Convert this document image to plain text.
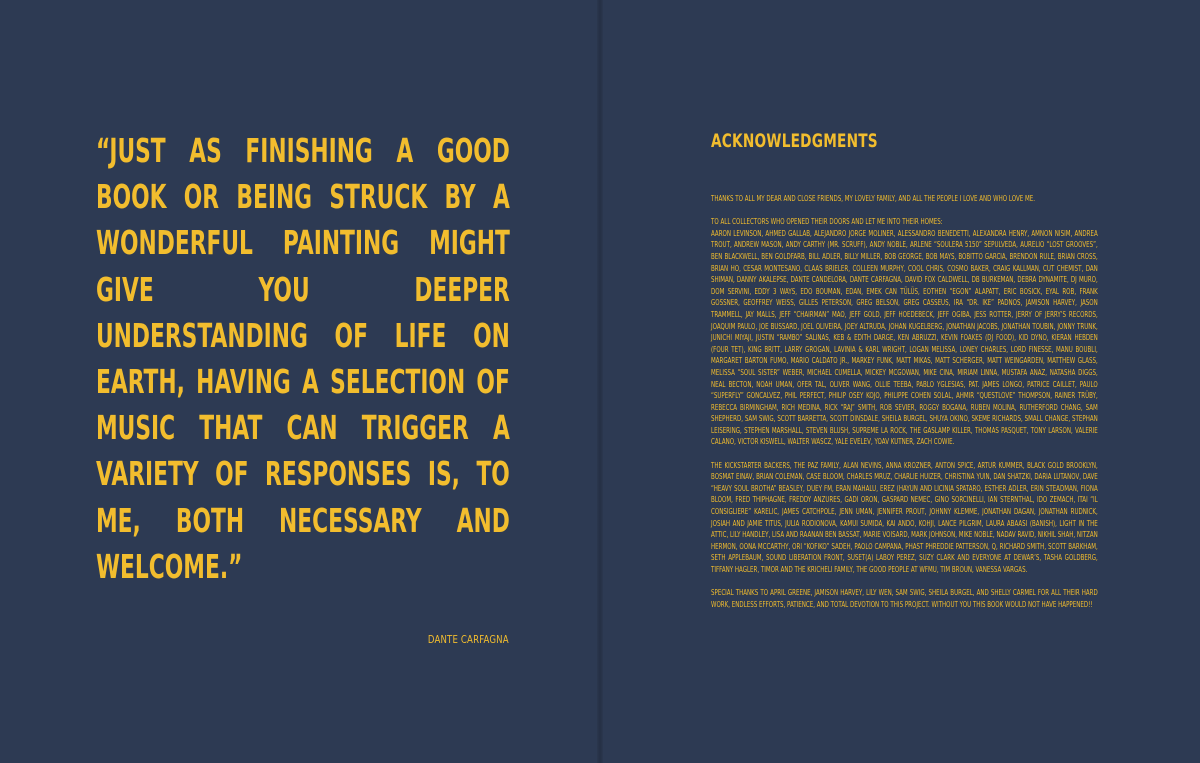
“JUST AS FINISHING A GOOD BOOK OR BEING STRUCK BY A WONDERFUL PAINTING MIGHT GIVE YOU DEEPER UNDERSTANDING OF LIFE ON EARTH, HAVING A SELECTION OF MUSIC THAT CAN TRIGGER A VARIETY OF RESPONSES IS, TO ME, BOTH NECESSARY AND WELCOME.”

DANTE CARFAGNA

ACKNOWLEDGMENTS

THANKS TO ALL MY DEAR AND CLOSE FRIENDS, MY LOVELY FAMILY, AND ALL THE PEOPLE I LOVE AND WHO LOVE ME.

TO ALL COLLECTORS WHO OPENED THEIR DOORS AND LET ME INTO THEIR HOMES:

AARON LEVINSON, AHMED GALLAB, ALEJANDRO JORGE MOLINER, ALESSANDRO BENEDETTI, ALEXANDRA HENRY, AMNON NISIM, ANDREA TROUT, ANDREW MASON, ANDY CARTHY (MR. SCRUFF), ANDY NOBLE, ARLENE “SOULERA 5150” SEPULVEDA, AURELIO “LOST GROOVES”, BEN BLACKWELL, BEN GOLDFARB, BILL ADLER, BILLY MILLER, BOB GEORGE, BOB MAYS, BOBITTO GARCIA, BRENDON RULE, BRIAN CROSS, BRIAN HO, CESAR MONTESANO, CLAAS BRIELER, COLLEEN MURPHY, COOL CHRIS, COSMO BAKER, CRAIG KALLMAN, CUT CHEMIST, DAN SHIMAN, DANNY AKALEPSE, DANTE CANDELORA, DANTE CARFAGNA, DAVID FOX CALDWELL, DB BURKEMAN, DEBRA DYNAMITE, DJ MURO, DOM SERVINI, EDDY 3 WAYS, EDO BOUMAN, EDAN, EMEK CAN TÜLÜS, EOTHEN “EGON” ALAPATT, ERIC BOSICK, EYAL ROB, FRANK GOSSNER, GEOFFREY WEISS, GILLES PETERSON, GREG BELSON, GREG CASSEUS, IRA “DR. IKE” PADNOS, JAMISON HARVEY, JASON TRAMMELL, JAY MALLS, JEFF “CHAIRMAN” MAO, JEFF GOLD, JEFF HOEDEBECK, JEFF OGIBA, JESS ROTTER, JERRY OF JERRY’S RECORDS, JOAQUIM PAULO, JOE BUSSARD, JOEL OLIVEIRA, JOEY ALTRUDA, JOHAN KUGELBERG, JONATHAN JACOBS, JONATHAN TOUBIN, JONNY TRUNK, JUNICHI MIYAJI, JUSTIN “RAMBO” SALINAS, KEB & EDITH DARGE, KEN ABRUZZI, KEVIN FOAKES (DJ FOOD), KID DYNO, KIERAN HEBDEN (FOUR TET), KING BRITT, LARRY GROGAN, LAVINIA & KARL WRIGHT, LOGAN MELISSA, LONEY CHARLES, LORD FINESSE, MANU BOUBLI, MARGARET BARTON FUMO, MARIO CALDATO JR., MARKEY FUNK, MATT MIKAS, MATT SCHERGER, MATT WEINGARDEN, MATTHEW GLASS, MELISSA “SOUL SISTER” WEBER, MICHAEL CUMELLA, MICKEY MCGOWAN, MIKE CINA, MIRIAM LINNA, MUSTAFA ANAZ, NATASHA DIGGS, NEAL BECTON, NOAH UMAN, OFER TAL, OLIVER WANG, OLLIE TEEBA, PABLO YGLESIAS, PAT. JAMES LONGO, PATRICE CAILLET, PAULO “SUPERFLY” GONCALVEZ, PHIL PERFECT, PHILIP OSEY KOJO, PHILIPPE COHEN SOLAL, AHMIR “QUESTLOVE” THOMPSON, RAINER TRÜBY, REBECCA BIRMINGHAM, RICH MEDINA, RICK “RAJ” SMITH, ROB SEVIER, ROGGY BOGANA, RUBEN MOLINA, RUTHERFORD CHANG, SAM SHEPHERD, SAM SWIG, SCOTT BARRETTA, SCOTT DINSDALE, SHEILA BURGEL, SHUYA OKINO, SKEME RICHARDS, SMALL CHANGE, STEPHAN LEISERING, STEPHEN MARSHALL, STEVEN BLUSH, SUPREME LA ROCK, THE GASLAMP KILLER, THOMAS PASQUET, TONY LARSON, VALERIE CALANO, VICTOR KISWELL, WALTER WASCZ, YALE EVELEV, YOAV KUTNER, ZACH COWIE.

THE KICKSTARTER BACKERS, THE PAZ FAMILY, ALAN NEVINS, ANNA KROZNER, ANTON SPICE, ARTUR KUMMER, BLACK GOLD BROOKLYN, BOSMAT EINAV, BRIAN COLEMAN, CASE BLOOM, CHARLES MRUZ, CHARLIE HUIZER, CHRISTINA YUIN, DAN SHATZKI, DARIA LUTANOV, DAVE “HEAVY SOUL BROTHA” BEASLEY, DUEY FM, ERAN MAHALU, EREZ (HAYUN AND LICINIA SPATARO, ESTHER ADLER, ERIN STEADMAN, FIONA BLOOM, FRED THIPHAGNE, FREDDY ANZURES, GADI ORON, GASPARD NEMEC, GINO SORCINELLI, IAN STERNTHAL, IDO ZEMACH, ITAI “IL CONSIGLIERE” KARELIC, JAMES CATCHPOLE, JENN UMAN, JENNIFER PROUT, JOHNNY KLEMME, JONATHAN DAGAN, JONATHAN RUDNICK, JOSIAH AND JAMIE TITUS, JULIA RODIONOVA, KAMUI SUMIDA, KAI ANDO, KOHJI, LANCE PILGRIM, LAURA ABAASI (BANISH), LIGHT IN THE ATTIC, LILY HANDLEY, LISA AND RAANAN BEN BASSAT, MARIE VOISARD, MARK JOHNSON, MIKE NOBLE, NADAV RAVID, NIKHIL SHAH, NITZAN HERMON, OONA MCCARTHY, ORI “KOFIKO” SADEH, PAOLO CAMPANA, PHAST PHREDDIE PATTERSON, Q, RICHARD SMITH, SCOTT BARKHAM, SETH APPLEBAUM, SOUND LIBERATION FRONT, SUSET(A) LABOY PEREZ, SUZY CLARK AND EVERYONE AT DEWAR’S, TASHA GOLDBERG, TIFFANY HAGLER, TIMOR AND THE KRICHELI FAMILY, THE GOOD PEOPLE AT WFMU, TIM BROUN, VANESSA VARGAS.

SPECIAL THANKS TO APRIL GREENE, JAMISON HARVEY, LILY WEN, SAM SWIG, SHEILA BURGEL, AND SHELLY CARMEL FOR ALL THEIR HARD WORK, ENDLESS EFFORTS, PATIENCE, AND TOTAL DEVOTION TO THIS PROJECT. WITHOUT YOU THIS BOOK WOULD NOT HAVE HAPPENED!!
